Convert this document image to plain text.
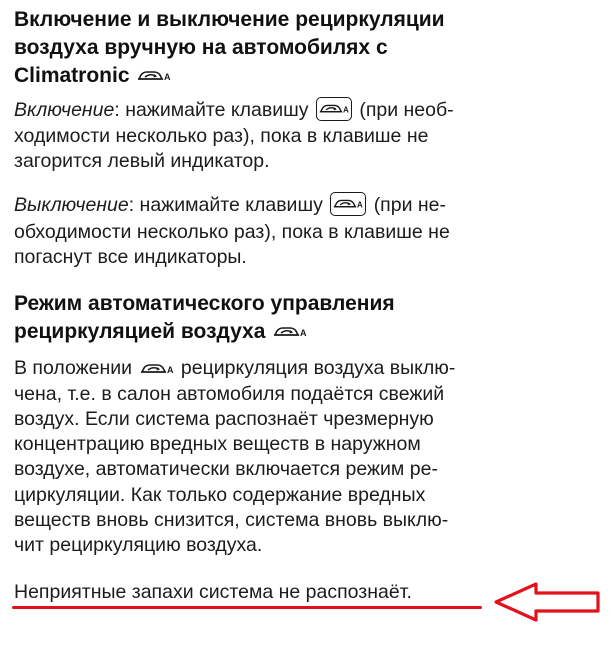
Включение и выключение рециркуляции
воздуха вручную на автомобилях с
Climatronic
Включение: нажимайте клавишу	(при необ-
ходимости несколько раз), пока в клавише не
загорится левый индикатор.
Выключение: нажимайте клавишу	(при не-
обходимости несколько раз), пока в клавише не
погаснут все индикаторы.
Режим автоматического управления
рециркуляцией воздуха
В положении	рециркуляция воздуха выклю-
чена, т.е. в салон автомобиля подаётся свежий
воздух. Если система распознаёт чрезмерную
концентрацию вредных веществ в наружном
воздухе, автоматически включается режим ре-
циркуляции. Как только содержание вредных
веществ вновь снизится, система вновь выклю-
чит рециркуляцию воздуха.
Неприятные запахи система не распознаёт.
